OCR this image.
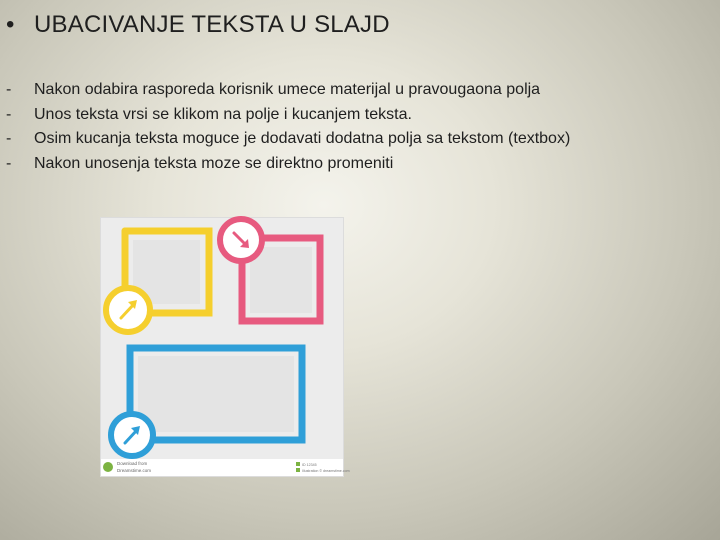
• UBACIVANJE TEKSTA U SLAJD
-	Nakon odabira rasporeda korisnik umece materijal u pravougaona polja
-	Unos teksta vrsi se klikom na polje i kucanjem teksta.
-	Osim kucanja teksta moguce je dodavati dodatna polja sa tekstom (textbox)
-	Nakon unosenja teksta moze se direktno promeniti
Download from
Dreamstime.com
ID 12345
Illustration © dreamstime.com
